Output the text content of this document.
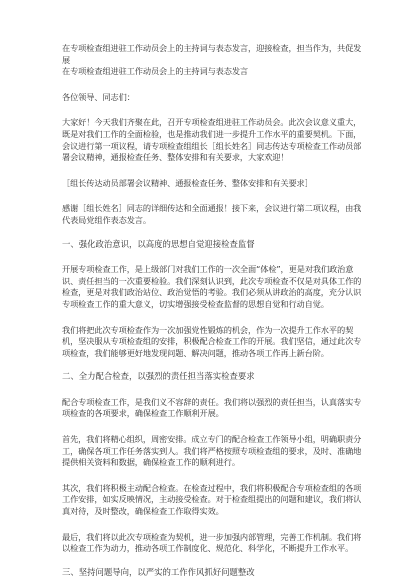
在专项检查组进驻工作动员会上的主持词与表态发言，迎接检查，担当作为，共促发展

在专项检查组进驻工作动员会上的主持词与表态发言

各位领导、同志们：

大家好！今天我们齐聚在此，召开专项检查组进驻工作动员会。此次会议意义重大，既是对我们工作的全面检验，也是推动我们进一步提升工作水平的重要契机。下面，会议进行第一项议程，请专项检查组组长［组长姓名］同志传达专项检查工作动员部署会议精神，通报检查任务、整体安排和有关要求，大家欢迎！

［组长传达动员部署会议精神、通报检查任务、整体安排和有关要求］

感谢［组长姓名］同志的详细传达和全面通报！接下来，会议进行第二项议程，由我代表局党组作表态发言。

一、强化政治意识，以高度的思想自觉迎接检查监督

开展专项检查工作，是上级部门对我们工作的一次全面“体检”，更是对我们政治意识、责任担当的一次重要检验。我们深刻认识到，此次专项检查不仅是对具体工作的检查，更是对我们政治站位、政治觉悟的考验。我们必须从讲政治的高度，充分认识专项检查工作的重大意义，切实增强接受检查监督的思想自觉和行动自觉。

我们将把此次专项检查作为一次加强党性锻炼的机会，作为一次提升工作水平的契机，坚决服从专项检查组的安排，积极配合检查工作的开展。我们坚信，通过此次专项检查，我们能够更好地发现问题、解决问题，推动各项工作再上新台阶。

二、全力配合检查，以强烈的责任担当落实检查要求

配合专项检查工作，是我们义不容辞的责任。我们将以强烈的责任担当，认真落实专项检查的各项要求，确保检查工作顺利开展。

首先，我们将精心组织，周密安排。成立专门的配合检查工作领导小组，明确职责分工，确保各项工作任务落实到人。我们将严格按照专项检查组的要求，及时、准确地提供相关资料和数据，确保检查工作的顺利进行。

其次，我们将积极主动配合检查。在检查过程中，我们将积极配合专项检查组的各项工作安排，如实反映情况，主动接受检查。对于检查组提出的问题和建议，我们将认真对待，及时整改，确保检查工作取得实效。

最后，我们将以此次专项检查为契机，进一步加强内部管理，完善工作机制。我们将以检查工作为动力，推动各项工作制度化、规范化、科学化，不断提升工作水平。

三、坚持问题导向，以严实的工作作风抓好问题整改
